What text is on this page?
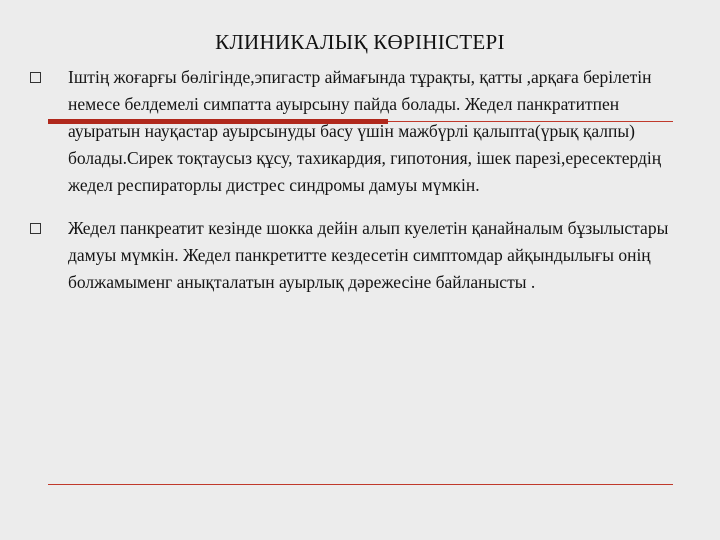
КЛИНИКАЛЫҚ КӨРІНІСТЕРІ
Іштің жоғарғы бөлігінде,эпигастр аймағында тұрақты, қатты ,арқаға берілетін немесе белдемелі симпатта ауырсыну пайда болады. Жедел панкратитпен ауыратын науқастар ауырсынуды басу үшін мажбүрлі қалыпта(үрық қалпы) болады.Сирек тоқтаусыз құсу, тахикардия, гипотония, ішек парезі,ересектердің жедел респираторлы дистрес синдромы дамуы мүмкін.
Жедел панкреатит кезінде шокка дейін алып куелетін қанайналым бұзылыстары дамуы мүмкін. Жедел панкретитте кездесетін симптомдар айқындылығы онің болжамыменг анықталатын ауырлық дәрежесіне байланысты .
